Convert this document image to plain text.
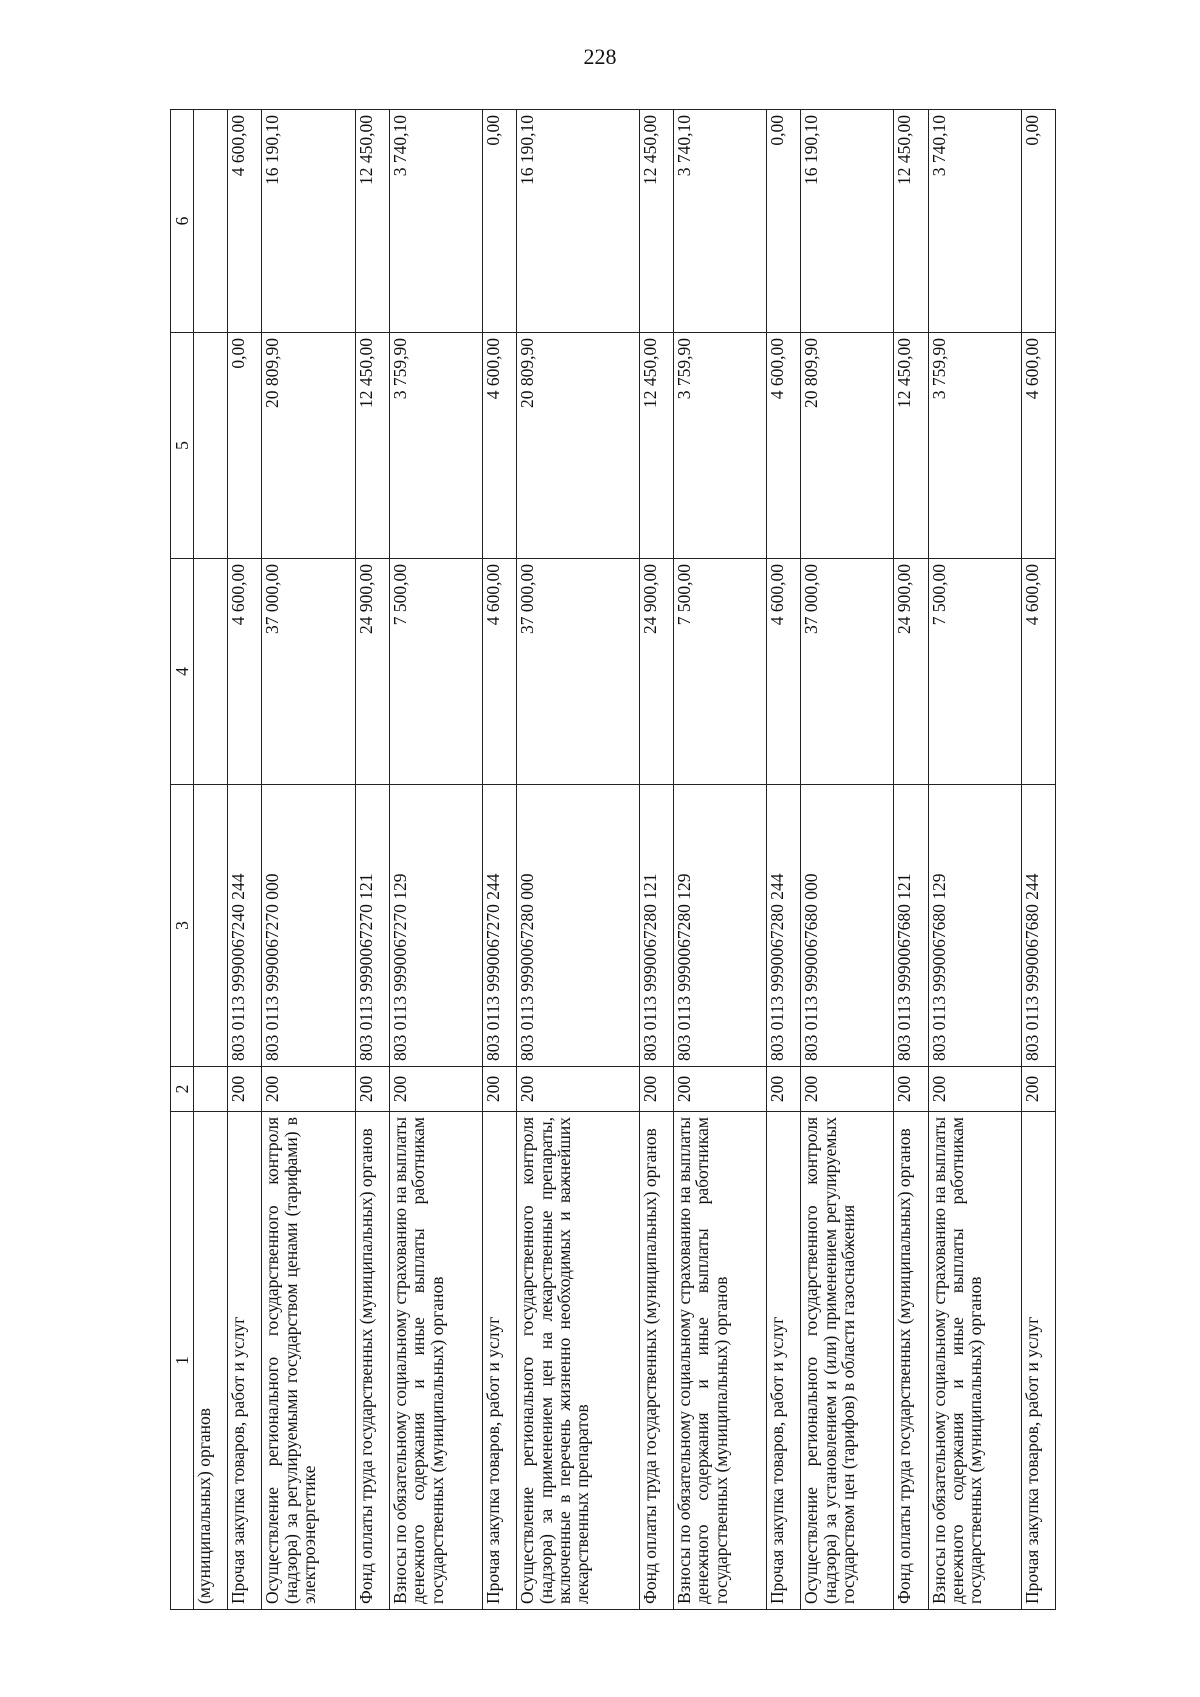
228
1	2	3	4	5	6
(муниципальных) органов					
Прочая закупка товаров, работ и услуг	200	803 0113 9990067240 244	4 600,00	0,00	4 600,00
Осуществление регионального государственного контроля (надзора) за регулируемыми государством ценами (тарифами) в электроэнергетике	200	803 0113 9990067270 000	37 000,00	20 809,90	16 190,10
Фонд оплаты труда государственных (муниципальных) органов	200	803 0113 9990067270 121	24 900,00	12 450,00	12 450,00
Взносы по обязательному социальному страхованию на выплаты денежного содержания и иные выплаты работникам государственных (муниципальных) органов	200	803 0113 9990067270 129	7 500,00	3 759,90	3 740,10
Прочая закупка товаров, работ и услуг	200	803 0113 9990067270 244	4 600,00	4 600,00	0,00
Осуществление регионального государственного контроля (надзора) за применением цен на лекарственные препараты, включенные в перечень жизненно необходимых и важнейших лекарственных препаратов	200	803 0113 9990067280 000	37 000,00	20 809,90	16 190,10
Фонд оплаты труда государственных (муниципальных) органов	200	803 0113 9990067280 121	24 900,00	12 450,00	12 450,00
Взносы по обязательному социальному страхованию на выплаты денежного содержания и иные выплаты работникам государственных (муниципальных) органов	200	803 0113 9990067280 129	7 500,00	3 759,90	3 740,10
Прочая закупка товаров, работ и услуг	200	803 0113 9990067280 244	4 600,00	4 600,00	0,00
Осуществление регионального государственного контроля (надзора) за установлением и (или) применением регулируемых государством цен (тарифов) в области газоснабжения	200	803 0113 9990067680 000	37 000,00	20 809,90	16 190,10
Фонд оплаты труда государственных (муниципальных) органов	200	803 0113 9990067680 121	24 900,00	12 450,00	12 450,00
Взносы по обязательному социальному страхованию на выплаты денежного содержания и иные выплаты работникам государственных (муниципальных) органов	200	803 0113 9990067680 129	7 500,00	3 759,90	3 740,10
Прочая закупка товаров, работ и услуг	200	803 0113 9990067680 244	4 600,00	4 600,00	0,00
